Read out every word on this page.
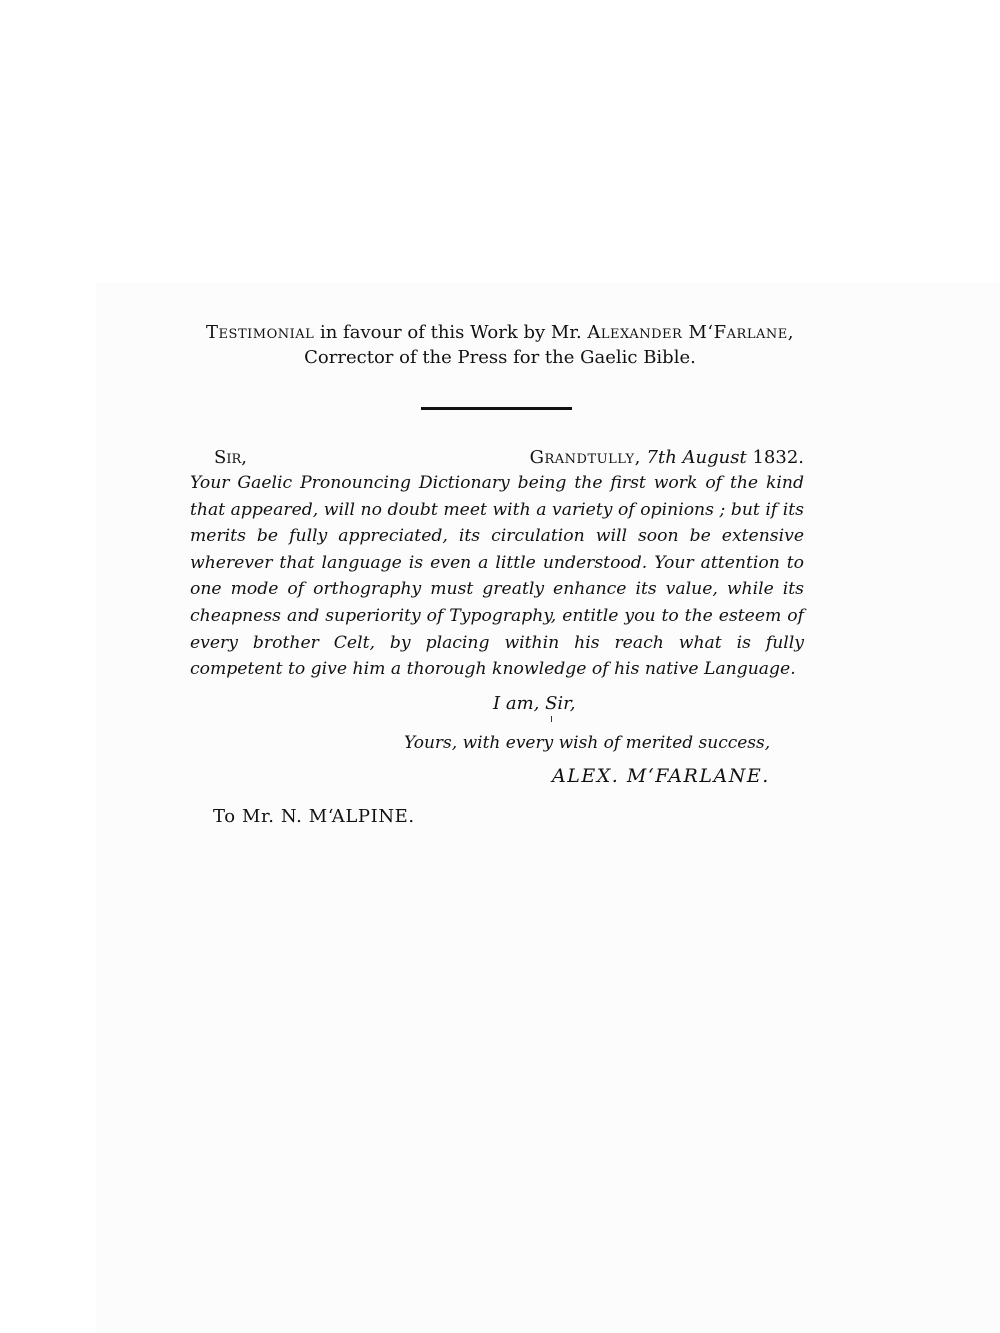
Testimonial in favour of this Work by Mr. Alexander M‘Farlane,
Corrector of the Press for the Gaelic Bible.
Sir,	Grandtully, 7th August 1832.
Your Gaelic Pronouncing Dictionary being the first work of the kind that appeared, will no doubt meet with a variety of opinions ; but if its merits be fully appreciated, its circulation will soon be extensive wherever that language is even a little understood. Your attention to one mode of orthography must greatly enhance its value, while its cheapness and superiority of Typography, entitle you to the esteem of every brother Celt, by placing within his reach what is fully competent to give him a thorough knowledge of his native Language.
I am, Sir,
Yours, with every wish of merited success,
ALEX. M‘FARLANE.
To Mr. N. M‘ALPINE.
